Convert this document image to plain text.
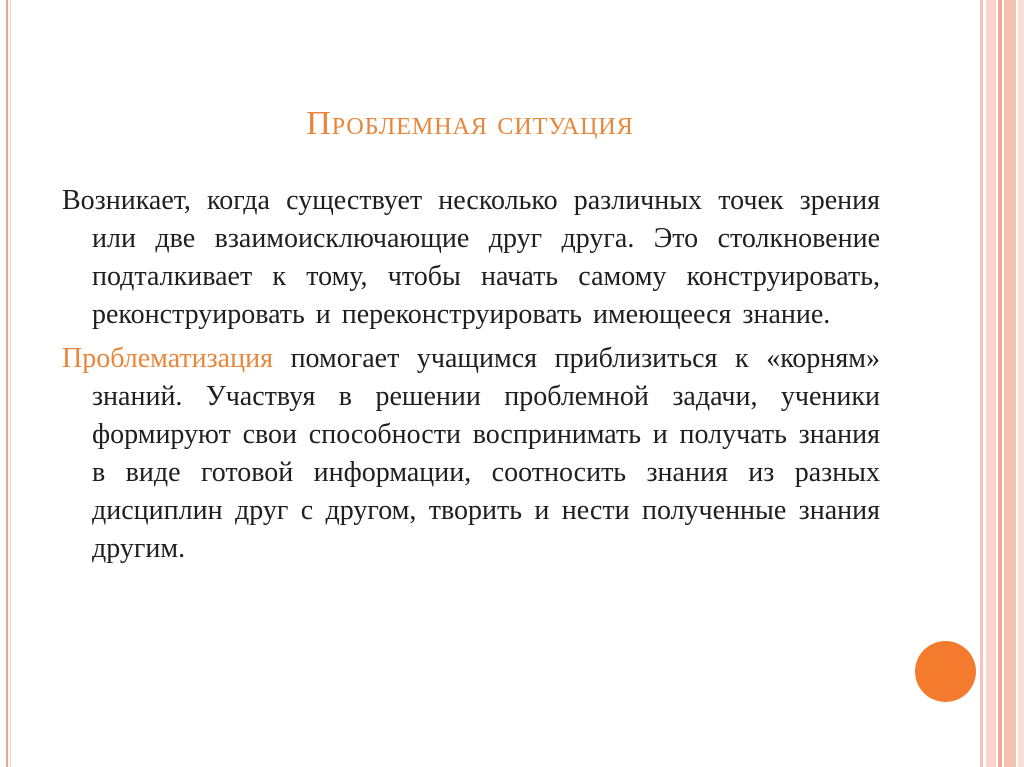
Проблемная ситуация

Возникает, когда существует несколько различных точек зрения или две взаимоисключающие друг друга. Это столкновение подталкивает к тому, чтобы начать самому конструировать, реконструировать и переконструировать имеющееся знание.

Проблематизация помогает учащимся приблизиться к «корням» знаний. Участвуя в решении проблемной задачи, ученики формируют свои способности воспринимать и получать знания в виде готовой информации, соотносить знания из разных дисциплин друг с другом, творить и нести полученные знания другим.
